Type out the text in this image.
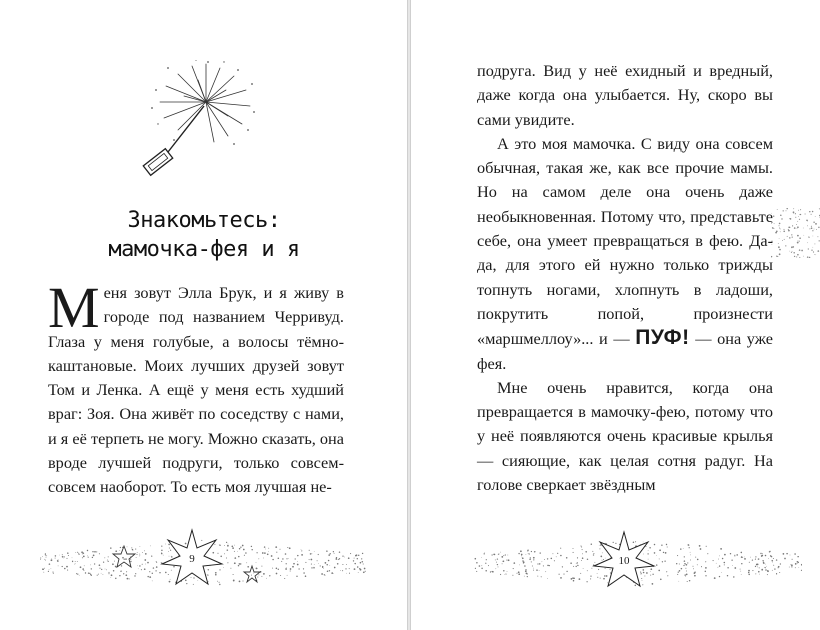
Знакомьтесь:
мамочка-фея и я

Меня зовут Элла Брук, и я живу в городе под названием Черривуд. Глаза у меня голубые, а волосы тёмно-каштановые. Моих лучших друзей зовут Том и Ленка. А ещё у меня есть худший враг: Зоя. Она живёт по соседству с нами, и я её терпеть не могу. Можно сказать, она вроде лучшей подруги, только совсем-совсем наоборот. То есть моя лучшая не-

9

подруга. Вид у неё ехидный и вредный, даже когда она улыбается. Ну, скоро вы сами увидите.

А это моя мамочка. С виду она совсем обычная, такая же, как все прочие мамы. Но на самом деле она очень даже необыкновенная. Потому что, представьте себе, она умеет превращаться в фею. Да-да, для этого ей нужно только трижды топнуть ногами, хлопнуть в ладоши, покрутить попой, произнести «маршмеллоу»... и — ПУФ! — она уже фея.

Мне очень нравится, когда она превращается в мамочку-фею, потому что у неё появляются очень красивые крылья — сияющие, как целая сотня радуг. На голове сверкает звёздным

10
